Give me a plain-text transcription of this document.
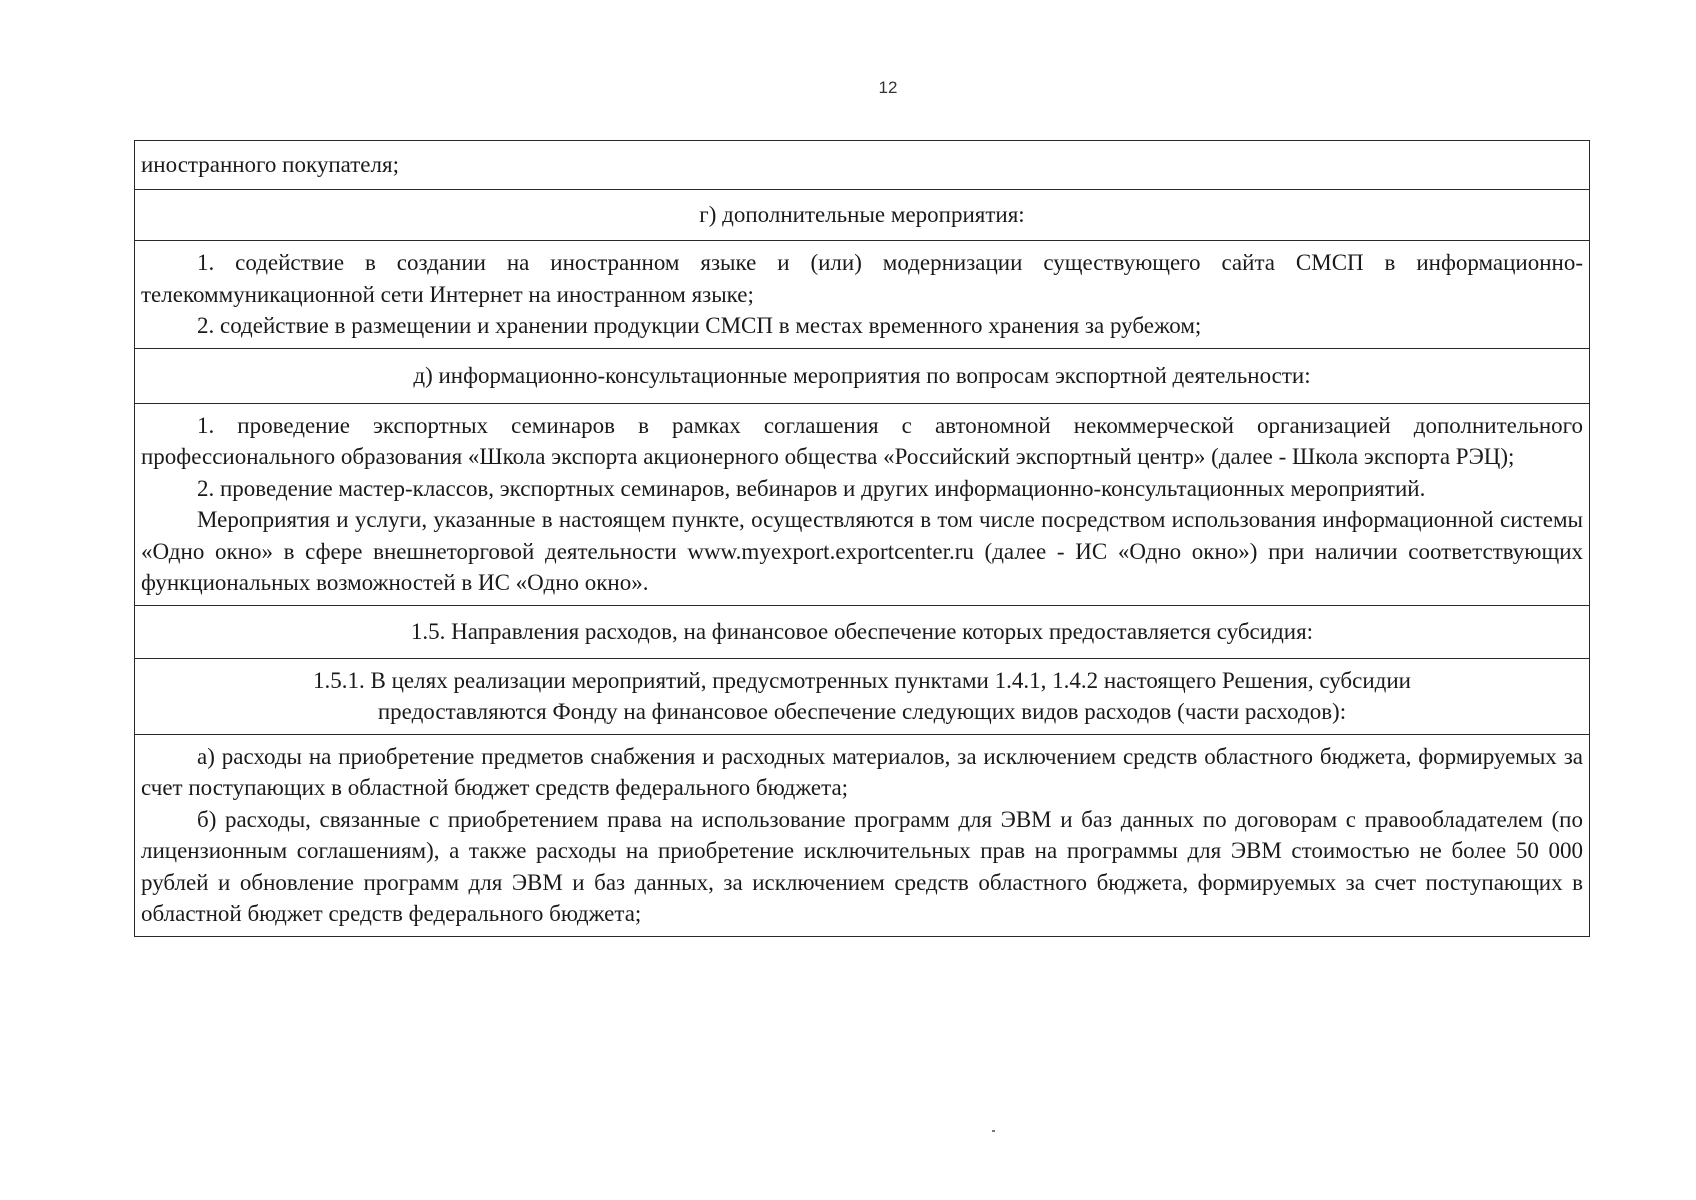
12
иностранного покупателя;
г) дополнительные мероприятия:

1. содействие в создании на иностранном языке и (или) модернизации существующего сайта СМСП в информационно-телекоммуникационной сети Интернет на иностранном языке;

2. содействие в размещении и хранении продукции СМСП в местах временного хранения за рубежом;

д) информационно-консультационные мероприятия по вопросам экспортной деятельности:

1. проведение экспортных семинаров в рамках соглашения с автономной некоммерческой организацией дополнительного профессионального образования «Школа экспорта акционерного общества «Российский экспортный центр» (далее - Школа экспорта РЭЦ);

2. проведение мастер-классов, экспортных семинаров, вебинаров и других информационно-консультационных мероприятий.

Мероприятия и услуги, указанные в настоящем пункте, осуществляются в том числе посредством использования информационной системы «Одно окно» в сфере внешнеторговой деятельности www.myexport.exportcenter.ru (далее - ИС «Одно окно») при наличии соответствующих функциональных возможностей в ИС «Одно окно».

1.5. Направления расходов, на финансовое обеспечение которых предоставляется субсидия:

1.5.1. В целях реализации мероприятий, предусмотренных пунктами 1.4.1, 1.4.2 настоящего Решения, субсидии

предоставляются Фонду на финансовое обеспечение следующих видов расходов (части расходов):

а) расходы на приобретение предметов снабжения и расходных материалов, за исключением средств областного бюджета, формируемых за счет поступающих в областной бюджет средств федерального бюджета;

б) расходы, связанные с приобретением права на использование программ для ЭВМ и баз данных по договорам с правообладателем (по лицензионным соглашениям), а также расходы на приобретение исключительных прав на программы для ЭВМ стоимостью не более 50 000 рублей и обновление программ для ЭВМ и баз данных, за исключением средств областного бюджета, формируемых за счет поступающих в областной бюджет средств федерального бюджета;
